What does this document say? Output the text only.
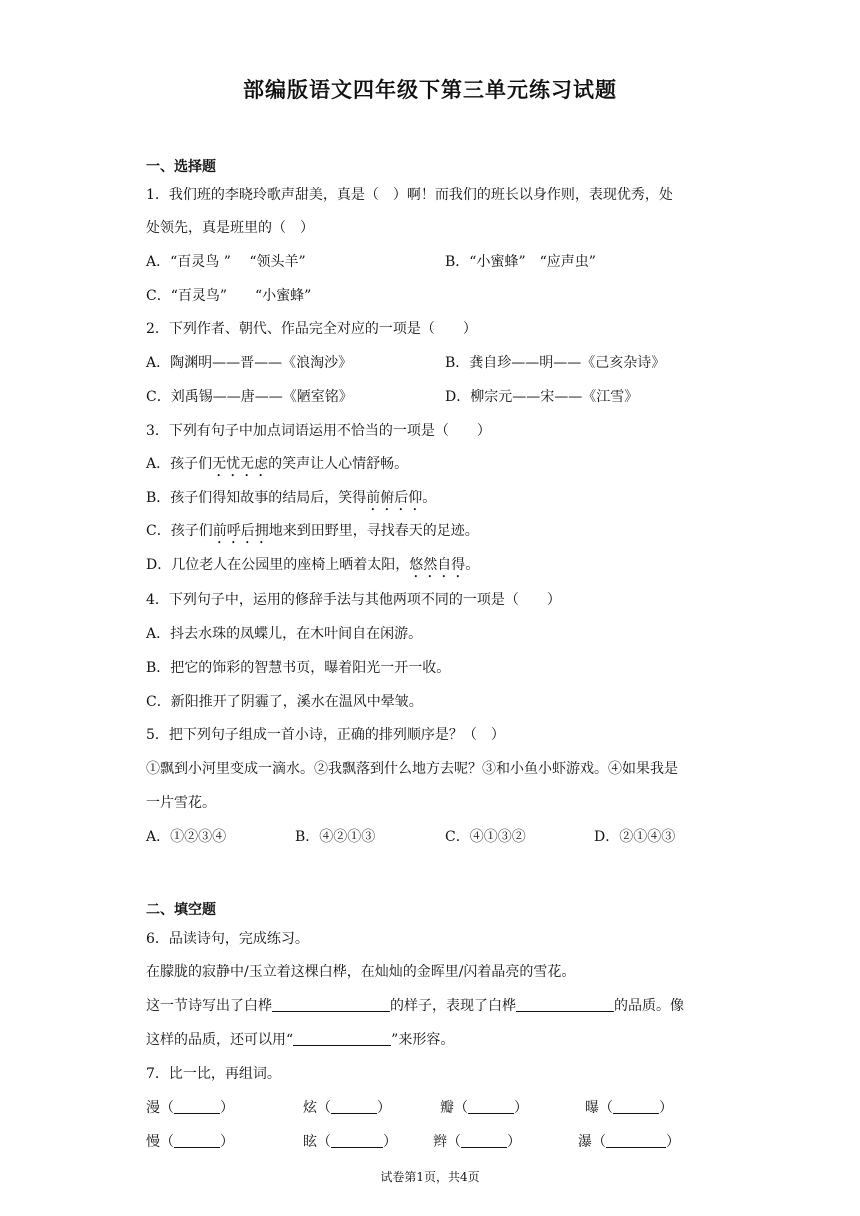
部编版语文四年级下第三单元练习试题
一、选择题
1．我们班的李晓玲歌声甜美，真是（　）啊！而我们的班长以身作则，表现优秀，处
处领先，真是班里的（　）
A．“百灵鸟 ”　 “领头羊”	B．“小蜜蜂”　“应声虫”
C．“百灵鸟”　　“小蜜蜂”
2．下列作者、朝代、作品完全对应的一项是（　　）
A．陶渊明——晋——《浪淘沙》	B．龚自珍——明——《己亥杂诗》
C．刘禹锡——唐——《陋室铭》	D．柳宗元——宋——《江雪》
3．下列有句子中加点词语运用不恰当的一项是（　　）
A．孩子们无忧无虑的笑声让人心情舒畅。
B．孩子们得知故事的结局后，笑得前俯后仰。
C．孩子们前呼后拥地来到田野里，寻找春天的足迹。
D．几位老人在公园里的座椅上晒着太阳，悠然自得。
4．下列句子中，运用的修辞手法与其他两项不同的一项是（　　）
A．抖去水珠的凤蝶儿，在木叶间自在闲游。
B．把它的饰彩的智慧书页，曝着阳光一开一收。
C．新阳推开了阴霾了，溪水在温风中晕皱。
5．把下列句子组成一首小诗，正确的排列顺序是？（　）
①飘到小河里变成一滴水。②我飘落到什么地方去呢？③和小鱼小虾游戏。④如果我是
一片雪花。
A．①②③④	B．④②①③	C．④①③②	D．②①④③
二、填空题
6．品读诗句，完成练习。
在朦胧的寂静中/玉立着这棵白桦，在灿灿的金晖里/闪着晶亮的雪花。
这一节诗写出了白桦	的样子，表现了白桦	的品质。像
这样的品质，还可以用“	”来形容。
7．比一比，再组词。
漫（	）	炫（	）	瓣（	）	曝（	）
慢（	）	眩（	）	辫（	）	瀑（	）
试卷第1页，共4页
